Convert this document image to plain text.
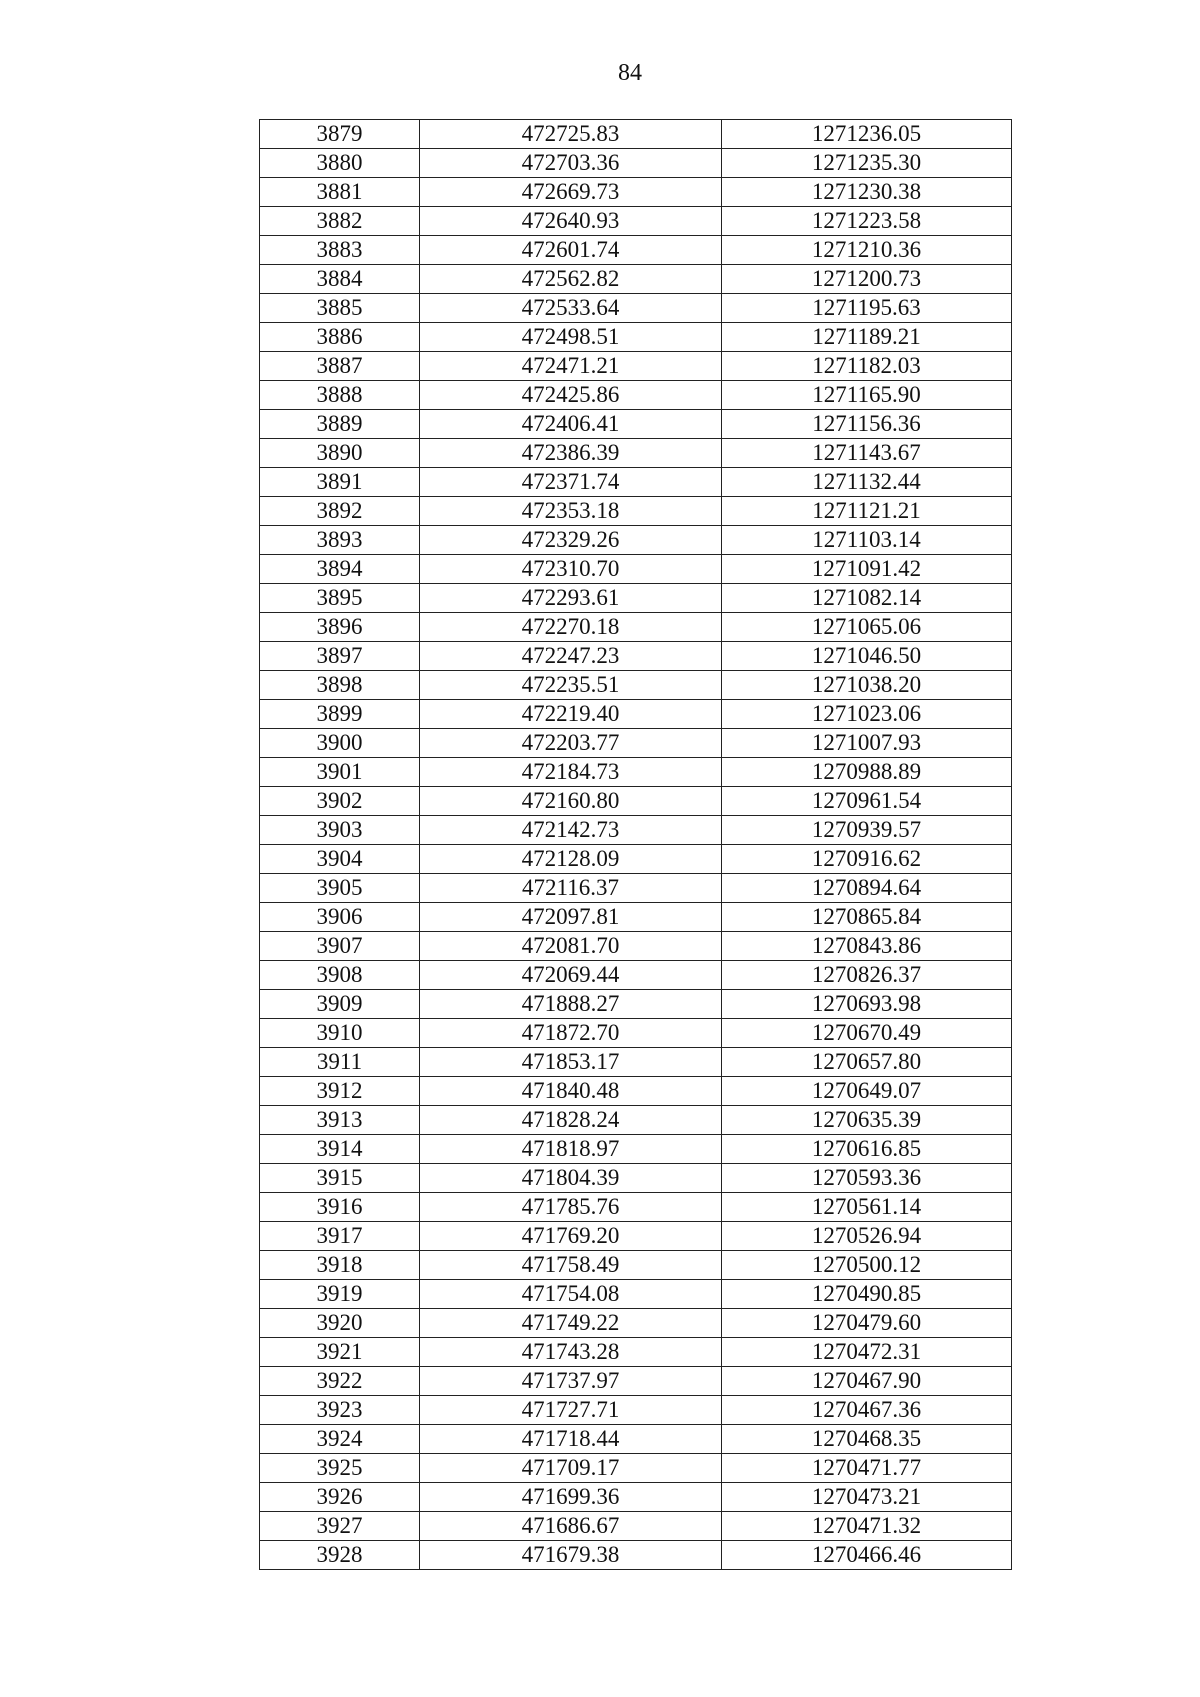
84
3879	472725.83	1271236.05
3880	472703.36	1271235.30
3881	472669.73	1271230.38
3882	472640.93	1271223.58
3883	472601.74	1271210.36
3884	472562.82	1271200.73
3885	472533.64	1271195.63
3886	472498.51	1271189.21
3887	472471.21	1271182.03
3888	472425.86	1271165.90
3889	472406.41	1271156.36
3890	472386.39	1271143.67
3891	472371.74	1271132.44
3892	472353.18	1271121.21
3893	472329.26	1271103.14
3894	472310.70	1271091.42
3895	472293.61	1271082.14
3896	472270.18	1271065.06
3897	472247.23	1271046.50
3898	472235.51	1271038.20
3899	472219.40	1271023.06
3900	472203.77	1271007.93
3901	472184.73	1270988.89
3902	472160.80	1270961.54
3903	472142.73	1270939.57
3904	472128.09	1270916.62
3905	472116.37	1270894.64
3906	472097.81	1270865.84
3907	472081.70	1270843.86
3908	472069.44	1270826.37
3909	471888.27	1270693.98
3910	471872.70	1270670.49
3911	471853.17	1270657.80
3912	471840.48	1270649.07
3913	471828.24	1270635.39
3914	471818.97	1270616.85
3915	471804.39	1270593.36
3916	471785.76	1270561.14
3917	471769.20	1270526.94
3918	471758.49	1270500.12
3919	471754.08	1270490.85
3920	471749.22	1270479.60
3921	471743.28	1270472.31
3922	471737.97	1270467.90
3923	471727.71	1270467.36
3924	471718.44	1270468.35
3925	471709.17	1270471.77
3926	471699.36	1270473.21
3927	471686.67	1270471.32
3928	471679.38	1270466.46
